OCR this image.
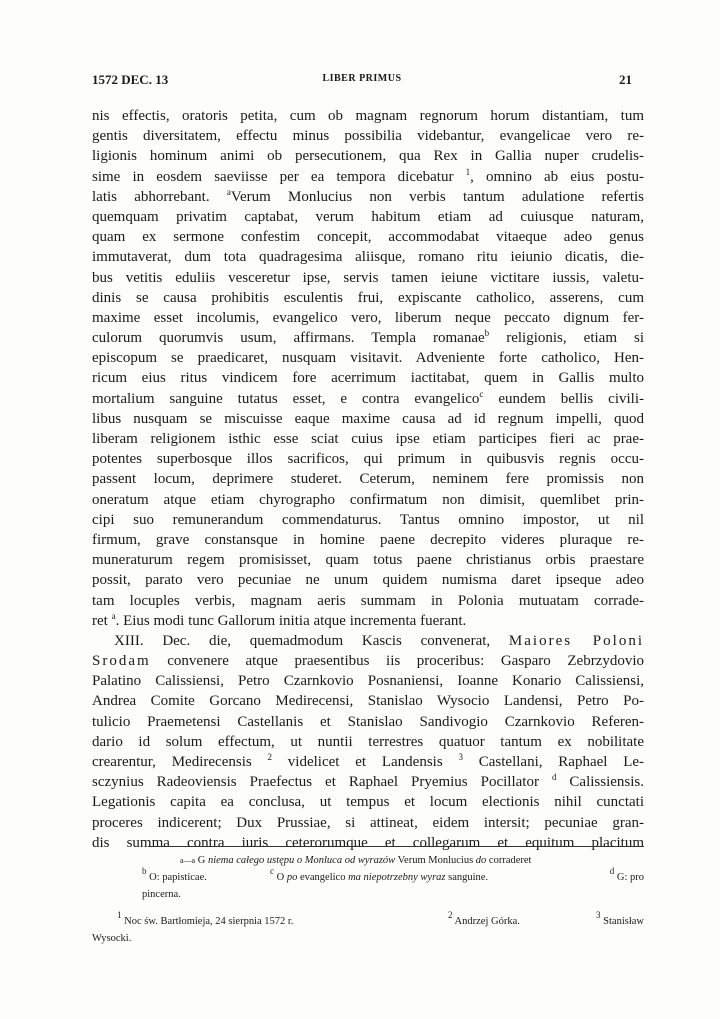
1572 DEC. 13	LIBER PRIMUS	21
nis effectis, oratoris petita, cum ob magnam regnorum horum distantiam, tum
gentis diversitatem, effectu minus possibilia videbantur, evangelicae vero re-
ligionis hominum animi ob persecutionem, qua Rex in Gallia nuper crudelis-
sime in eosdem saeviisse per ea tempora dicebatur $^1$, omnino ab eius postu-
latis abhorrebant. $^a$Verum Monlucius non verbis tantum adulatione refertis
quemquam privatim captabat, verum habitum etiam ad cuiusque naturam,
quam ex sermone confestim concepit, accommodabat vitaeque adeo genus
immutaverat, dum tota quadragesima aliisque, romano ritu ieiunio dicatis, die-
bus vetitis eduliis vesceretur ipse, servis tamen ieiune victitare iussis, valetu-
dinis se causa prohibitis esculentis frui, expiscante catholico, asserens, cum
maxime esset incolumis, evangelico vero, liberum neque peccato dignum fer-
culorum quorumvis usum, affirmans. Templa romanae$^b$ religionis, etiam si
episcopum se praedicaret, nusquam visitavit. Adveniente forte catholico, Hen-
ricum eius ritus vindicem fore acerrimum iactitabat, quem in Gallis multo
mortalium sanguine tutatus esset, e contra evangelico$^c$ eundem bellis civili-
libus nusquam se miscuisse eaque maxime causa ad id regnum impelli, quod
liberam religionem isthic esse sciat cuius ipse etiam participes fieri ac prae-
potentes superbosque illos sacrificos, qui primum in quibusvis regnis occu-
passent locum, deprimere studeret. Ceterum, neminem fere promissis non
oneratum atque etiam chyrographo confirmatum non dimisit, quemlibet prin-
cipi suo remunerandum commendaturus. Tantus omnino impostor, ut nil
firmum, grave constansque in homine paene decrepito videres pluraque re-
muneraturum regem promisisset, quam totus paene christianus orbis praestare
possit, parato vero pecuniae ne unum quidem numisma daret ipseque adeo
tam locuples verbis, magnam aeris summam in Polonia mutuatam corrade-
ret $^a$. Eius modi tunc Gallorum initia atque incrementa fuerant.
XIII. Dec. die, quemadmodum Kascis convenerat, Maiores Poloni
Srodam convenere atque praesentibus iis proceribus: Gasparo Zebrzydovio
Palatino Calissiensi, Petro Czarnkovio Posnaniensi, Ioanne Konario Calissiensi,
Andrea Comite Gorcano Medirecensi, Stanislao Wysocio Landensi, Petro Po-
tulicio Praemetensi Castellanis et Stanislao Sandivogio Czarnkovio Referen-
dario id solum effectum, ut nuntii terrestres quatuor tantum ex nobilitate
crearentur, Medirecensis $^2$ videlicet et Landensis $^3$ Castellani, Raphael Le-
sczynius Radeoviensis Praefectus et Raphael Pryemius Pocillator $^d$ Calissiensis.
Legationis capita ea conclusa, ut tempus et locum electionis nihil cunctati
proceres indicerent; Dux Prussiae, si attineat, eidem intersit; pecuniae gran-
dis summa contra iuris ceterorumque et collegarum et equitum placitum
a—a G niema całego ustępu o Monluca od wyrazów Verum Monlucius do corraderet
$^b$ O: papisticae.
$^c$ O po evangelico ma niepotrzebny wyraz sanguine.
$^d$ G: pro
pincerna.
$^1$ Noc św. Bartłomieja, 24 sierpnia 1572 r.
$^2$ Andrzej Górka.
$^3$ Stanisław
Wysocki.
